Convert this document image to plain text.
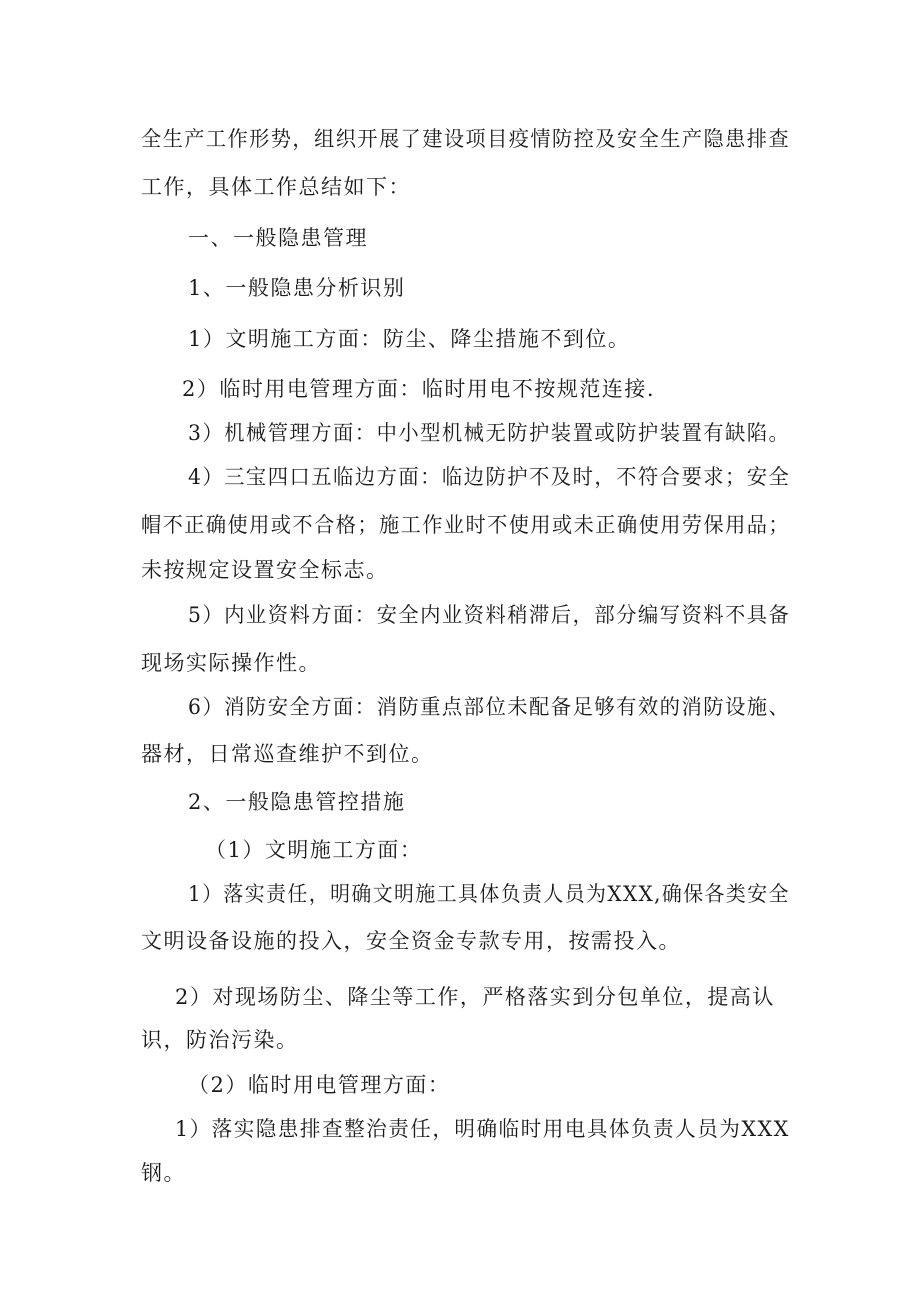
全生产工作形势，组织开展了建设项目疫情防控及安全生产隐患排查

工作，具体工作总结如下：

一、一般隐患管理

1、一般隐患分析识别

1）文明施工方面：防尘、降尘措施不到位。

2）临时用电管理方面：临时用电不按规范连接.

3）机械管理方面：中小型机械无防护装置或防护装置有缺陷。

4）三宝四口五临边方面：临边防护不及时，不符合要求；安全

帽不正确使用或不合格；施工作业时不使用或未正确使用劳保用品；

未按规定设置安全标志。

5）内业资料方面：安全内业资料稍滞后，部分编写资料不具备

现场实际操作性。

6）消防安全方面：消防重点部位未配备足够有效的消防设施、

器材，日常巡查维护不到位。

2、一般隐患管控措施

（1）文明施工方面：

1）落实责任，明确文明施工具体负责人员为XXX,确保各类安全

文明设备设施的投入，安全资金专款专用，按需投入。

2）对现场防尘、降尘等工作，严格落实到分包单位，提高认

识，防治污染。

（2）临时用电管理方面：

1）落实隐患排查整治责任，明确临时用电具体负责人员为XXX

钢。
